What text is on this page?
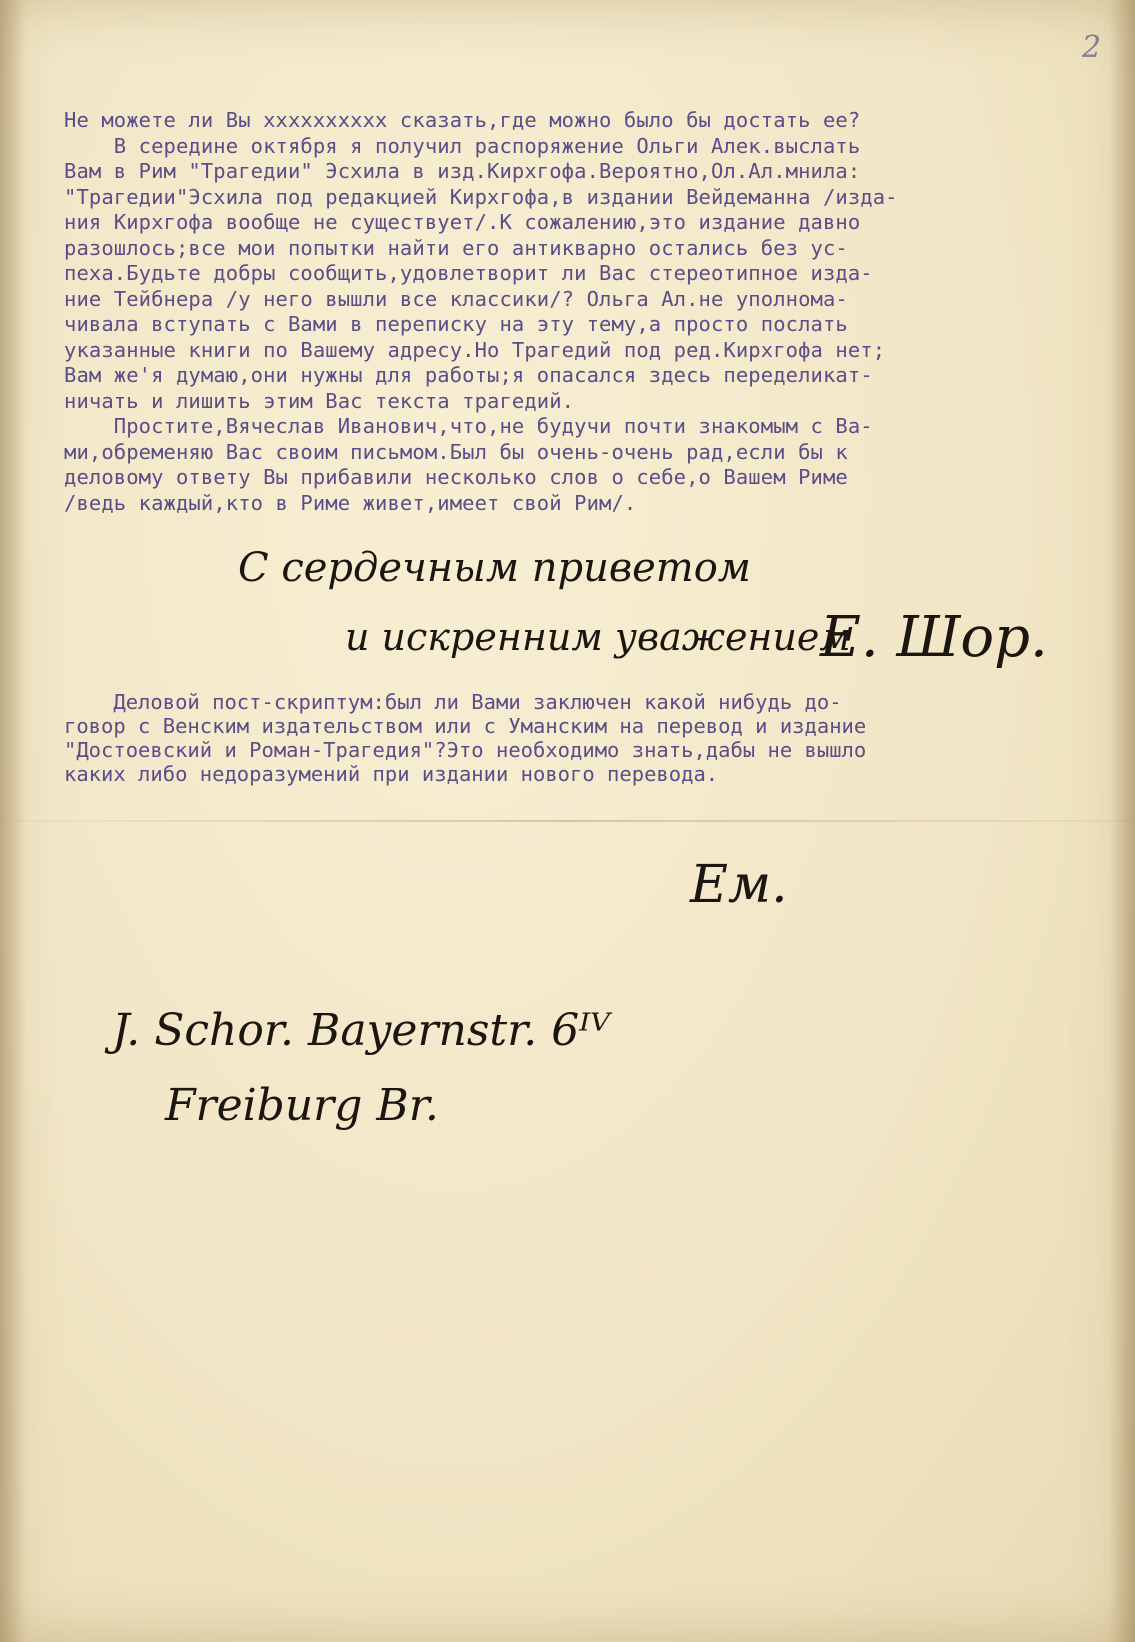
2
Не можете ли Вы xxxxxxxxxx сказать,где можно было бы достать ее?
В середине октября я получил распоряжение Ольги Алек.выслать
Вам в Рим "Трагедии" Эсхила в изд.Кирхгофа.Вероятно,Ол.Ал.мнила:
"Трагедии"Эсхила под редакцией Кирхгофа,в издании Вейдеманна /изда-
ния Кирхгофа вообще не существует/.К сожалению,это издание давно
разошлось;все мои попытки найти его антикварно остались без ус-
пеха.Будьте добры сообщить,удовлетворит ли Вас стереотипное изда-
ние Тейбнера /у него вышли все классики/? Ольга Ал.не уполнома-
чивала вступать с Вами в переписку на эту тему,а просто послать
указанные книги по Вашему адресу.Но Трагедий под ред.Кирхгофа нет;
Вам же'я думаю,они нужны для работы;я опасался здесь переделикат-
ничать и лишить этим Вас текста трагедий.
Простите,Вячеслав Иванович,что,не будучи почти знакомым с Ва-
ми,обременяю Вас своим письмом.Был бы очень-очень рад,если бы к
деловому ответу Вы прибавили несколько слов о себе,о Вашем Риме
/ведь каждый,кто в Риме живет,имеет свой Рим/.
С сердечным приветом
и искренним уважением
Е. Шор.
Деловой пост-скриптум:был ли Вами заключен какой нибудь до-
говор с Венским издательством или с Уманским на перевод и издание
"Достоевский и Роман-Трагедия"?Это необходимо знать,дабы не вышло
каких либо недоразумений при издании нового перевода.
Ем.
J. Schor. Bayernstr. 6ᴵⱽ
Freiburg Br.
